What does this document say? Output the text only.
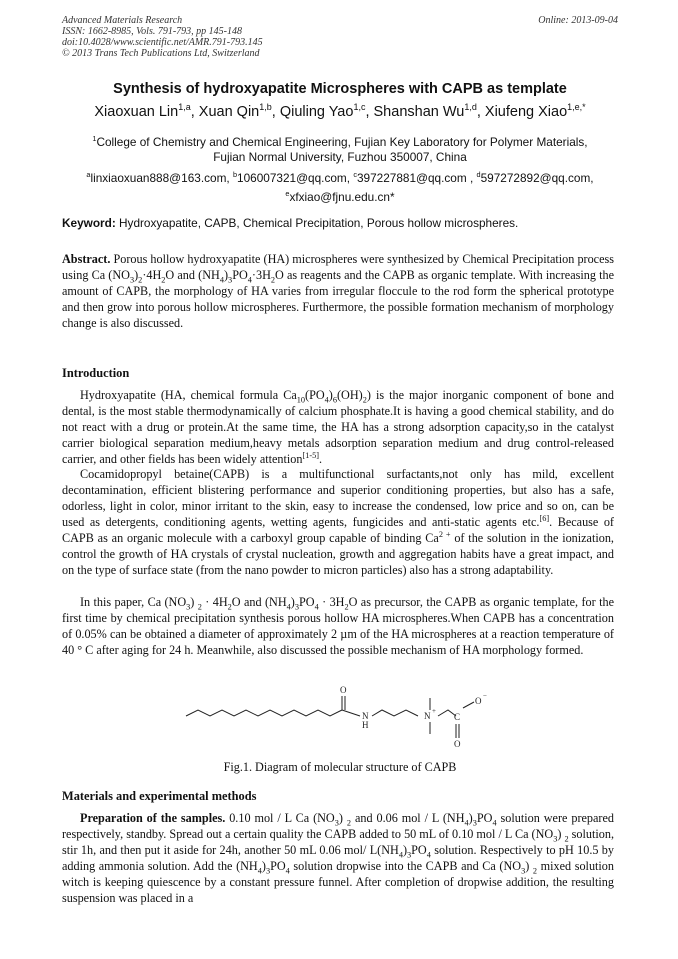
Advanced Materials Research
ISSN: 1662-8985, Vols. 791-793, pp 145-148
doi:10.4028/www.scientific.net/AMR.791-793.145
© 2013 Trans Tech Publications Ltd, Switzerland
Online: 2013-09-04
Synthesis of hydroxyapatite Microspheres with CAPB as template
Xiaoxuan Lin$^{1,a}$, Xuan Qin$^{1,b}$, Qiuling Yao$^{1,c}$, Shanshan Wu$^{1,d}$, Xiufeng Xiao$^{1,e,*}$
$^1$College of Chemistry and Chemical Engineering, Fujian Key Laboratory for Polymer Materials,
Fujian Normal University, Fuzhou 350007, China
$^a$linxiaoxuan888@163.com, $^b$106007321@qq.com, $^c$397227881@qq.com , $^d$597272892@qq.com,
$^e$xfxiao@fjnu.edu.cn*
Keyword: Hydroxyapatite, CAPB, Chemical Precipitation, Porous hollow microspheres.
Abstract. Porous hollow hydroxyapatite (HA) microspheres were synthesized by Chemical Precipitation process using Ca $(NO_3)_2\cdot 4H_2O$ and $(NH_4)_3PO_4\cdot 3H_2O$ as reagents and the CAPB as organic template. With increasing the amount of CAPB, the morphology of HA varies from irregular floccule to the rod form the spherical prototype and then grow into porous hollow microspheres. Furthermore, the possible formation mechanism of morphology change is also discussed.
Introduction
Hydroxyapatite (HA, chemical formula $Ca_{10}(PO_4)_6(OH)_2$) is the major inorganic component of bone and dental, is the most stable thermodynamically of calcium phosphate.It is having a good chemical stability, and do not react with a drug or protein.At the same time, the HA has a strong adsorption capacity,so in the catalyst carrier biological separation medium,heavy metals adsorption separation medium and drug control-released carrier, and other fields has been widely attention[1-5].
Cocamidopropyl betaine(CAPB) is a multifunctional surfactants,not only has mild, excellent decontamination, efficient blistering performance and superior conditioning properties, but also has a safe, odorless, light in color, minor irritant to the skin, easy to increase the condensed, low price and so on, can be used as detergents, conditioning agents, wetting agents, fungicides and anti-static agents etc.[6]. Because of CAPB as an organic molecule with a carboxyl group capable of binding $Ca^{2 +}$ of the solution in the ionization, control the growth of HA crystals of crystal nucleation, growth and aggregation habits have a great impact, and on the type of surface state (from the nano powder to micron particles) also has a strong adaptability.
In this paper, Ca $(NO_3) _2 \cdot 4H_2O$ and $(NH_4)_3PO_4 \cdot 3H_2O$ as precursor, the CAPB as organic template, for the first time by chemical precipitation synthesis porous hollow HA microspheres.When CAPB has a concentration of 0.05% can be obtained a diameter of approximately 2 µm of the HA microspheres at a reaction temperature of 40 ° C after aging for 24 h. Meanwhile, also discussed the possible mechanism of HA morphology formed.
O
N
H
N +
C
O −
O
Fig.1. Diagram of molecular structure of CAPB
Materials and experimental methods
Preparation of the samples. 0.10 mol / L Ca $(NO_3)$ $_2$ and 0.06 mol / L $(NH_4)_3PO_4$ solution were prepared respectively, standby. Spread out a certain quality the CAPB added to 50 mL of 0.10 mol / L Ca $(NO_3)$ $_2$ solution, stir 1h, and then put it aside for 24h, another 50 mL 0.06 mol/ $L(NH_4)_3PO_4$ solution. Respectively to pH 10.5 by adding ammonia solution. Add the $(NH_4)_3PO_4$ solution dropwise into the CAPB and Ca $(NO_3)$ $_2$ mixed solution witch is keeping quiescence by a constant pressure funnel. After completion of dropwise addition, the resulting suspension was placed in a
